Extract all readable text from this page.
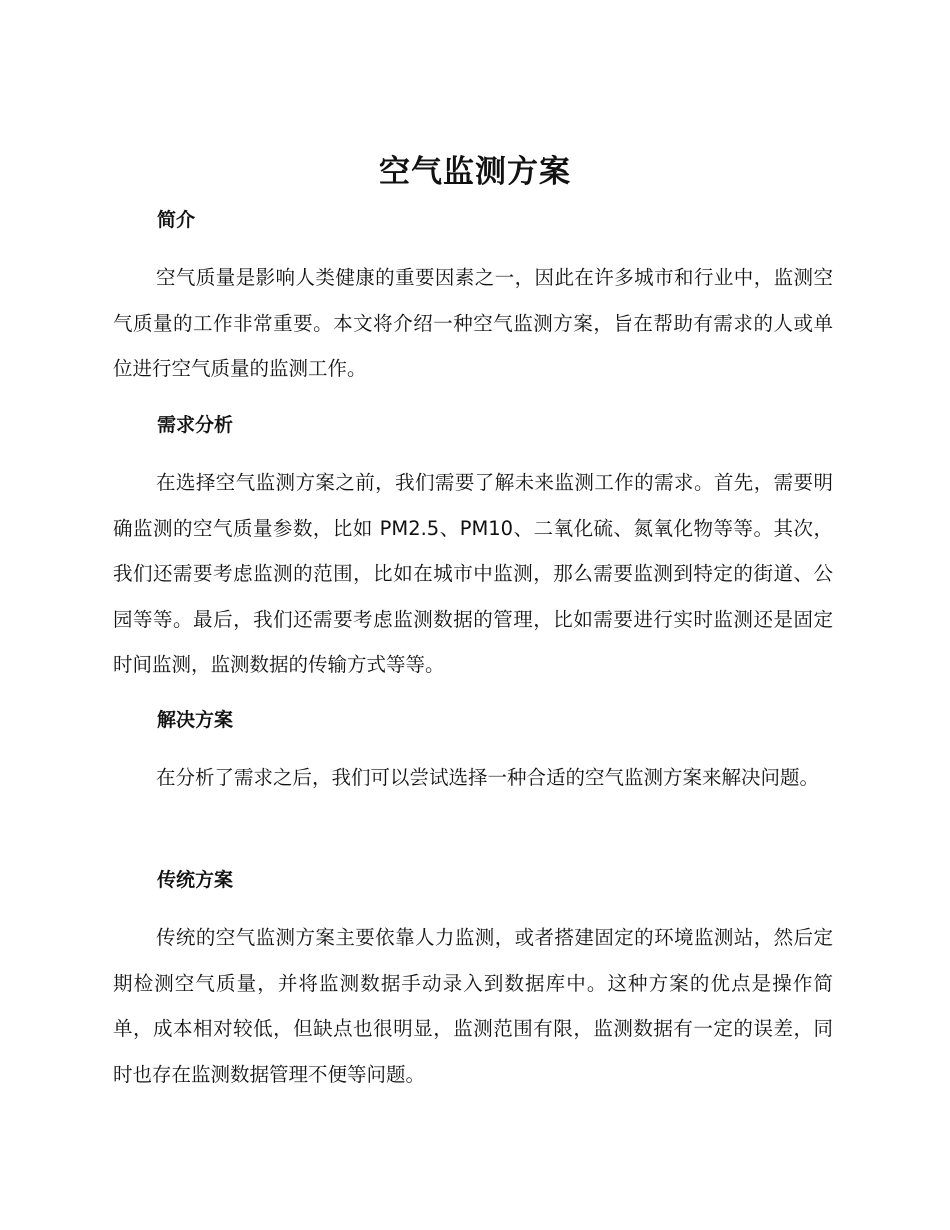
空气监测方案
简介

空气质量是影响人类健康的重要因素之一，因此在许多城市和行业中，监测空气质量的工作非常重要。本文将介绍一种空气监测方案，旨在帮助有需求的人或单位进行空气质量的监测工作。

需求分析

在选择空气监测方案之前，我们需要了解未来监测工作的需求。首先，需要明确监测的空气质量参数，比如 PM2.5、PM10、二氧化硫、氮氧化物等等。其次，我们还需要考虑监测的范围，比如在城市中监测，那么需要监测到特定的街道、公园等等。最后，我们还需要考虑监测数据的管理，比如需要进行实时监测还是固定时间监测，监测数据的传输方式等等。

解决方案

在分析了需求之后，我们可以尝试选择一种合适的空气监测方案来解决问题。

传统方案

传统的空气监测方案主要依靠人力监测，或者搭建固定的环境监测站，然后定期检测空气质量，并将监测数据手动录入到数据库中。这种方案的优点是操作简单，成本相对较低，但缺点也很明显，监测范围有限，监测数据有一定的误差，同时也存在监测数据管理不便等问题。
